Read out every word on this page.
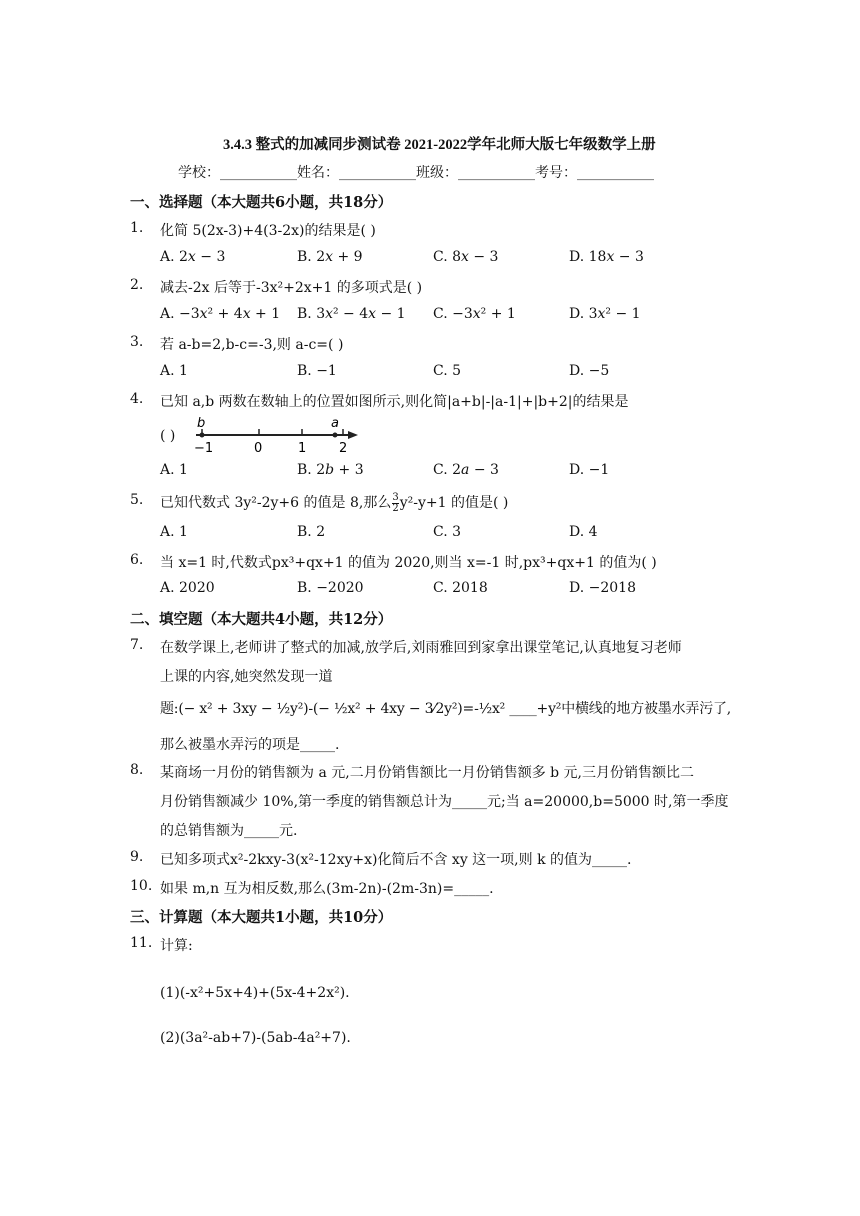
3.4.3 整式的加减同步测试卷 2021-2022学年北师大版七年级数学上册
学校：___________姓名：___________班级：___________考号：___________
一、选择题（本大题共6小题，共18分）
1. 化简 5(2x-3)+4(3-2x)的结果是( )
A. 2𝑥 − 3	B. 2𝑥 + 9	C. 8𝑥 − 3	D. 18𝑥 − 3
2. 减去-2x 后等于-3x²+2x+1 的多项式是( )
A. −3𝑥² + 4𝑥 + 1 B. 3𝑥² − 4𝑥 − 1 C. −3𝑥² + 1	D. 3𝑥² − 1
3. 若 a-b=2,b-c=-3,则 a-c=( )
A. 1	B. −1	C. 5	D. −5
4. 已知 a,b 两数在数轴上的位置如图所示,则化简|a+b|-|a-1|+|b+2|的结果是
( )
b	a
−1	0	1	2
A. 1	B. 2𝑏 + 3	C. 2𝑎 − 3	D. −1
5. 已知代数式 3y²-2y+6 的值是 8,那么 $\frac{3}{2} y^2-y+1$ 的值是( )
A. 1	B. 2	C. 3	D. 4
6. 当 x=1 时,代数式px³+qx+1 的值为 2020,则当 x=-1 时,px³+qx+1 的值为( )
A. 2020	B. −2020	C. 2018	D. −2018
二、填空题（本大题共4小题，共12分）
7. 在数学课上,老师讲了整式的加减,放学后,刘雨雅回到家拿出课堂笔记,认真地复习老师
上课的内容,她突然发现一道
题:(− x² + 3xy − ½y²)-(− ½x² + 4xy − 3⁄2y²)=-½x² ____+y²中横线的地方被墨水弄污了,
那么被墨水弄污的项是_____.
8. 某商场一月份的销售额为 a 元,二月份销售额比一月份销售额多 b 元,三月份销售额比二
月份销售额减少 10%,第一季度的销售额总计为_____元;当 a=20000,b=5000 时,第一季度
的总销售额为_____元.
9. 已知多项式x²-2kxy-3(x²-12xy+x)化简后不含 xy 这一项,则 k 的值为_____.
10. 如果 m,n 互为相反数,那么(3m-2n)-(2m-3n)=_____.
三、计算题（本大题共1小题，共10分）
11. 计算:
(1)(-x²+5x+4)+(5x-4+2x²).
(2)(3a²-ab+7)-(5ab-4a²+7).
